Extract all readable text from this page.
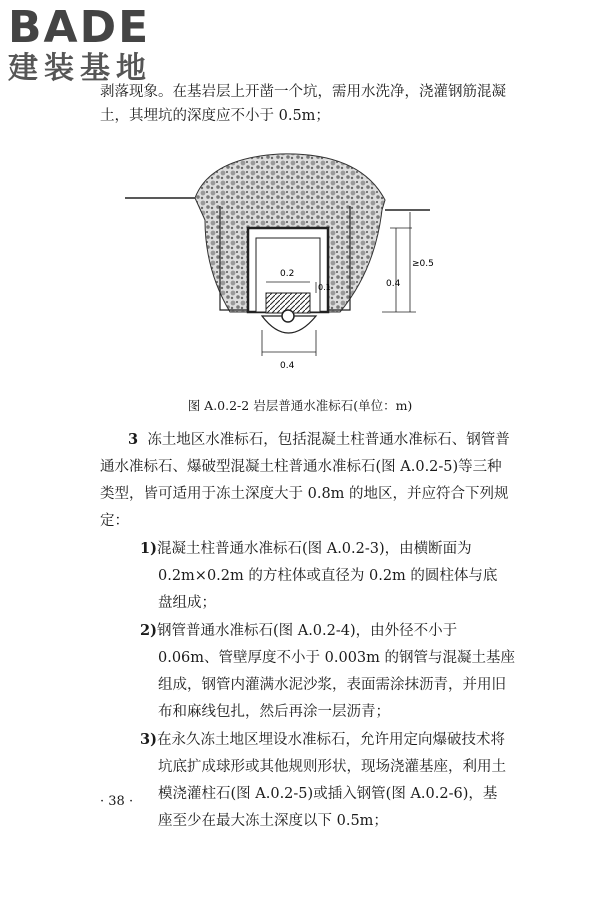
BADE
建装基地
剥落现象。在基岩层上开凿一个坑，需用水洗净，浇灌钢筋混凝
土，其埋坑的深度应不小于 0.5m；
≥0.5
0.4
0.2
0.1
0.4
图 A.0.2-2 岩层普通水准标石(单位：m)
3 冻土地区水准标石，包括混凝土柱普通水准标石、钢管普
通水准标石、爆破型混凝土柱普通水准标石(图 A.0.2-5)等三种
类型，皆可适用于冻土深度大于 0.8m 的地区，并应符合下列规
定：
1)混凝土柱普通水准标石(图 A.0.2-3)，由横断面为
0.2m×0.2m 的方柱体或直径为 0.2m 的圆柱体与底
盘组成；
2)钢管普通水准标石(图 A.0.2-4)，由外径不小于
0.06m、管壁厚度不小于 0.003m 的钢管与混凝土基座
组成，钢管内灌满水泥沙浆，表面需涂抹沥青，并用旧
布和麻线包扎，然后再涂一层沥青；
3)在永久冻土地区埋设水准标石，允许用定向爆破技术将
坑底扩成球形或其他规则形状，现场浇灌基座，利用土
模浇灌柱石(图 A.0.2-5)或插入钢管(图 A.0.2-6)，基
座至少在最大冻土深度以下 0.5m；
· 38 ·
